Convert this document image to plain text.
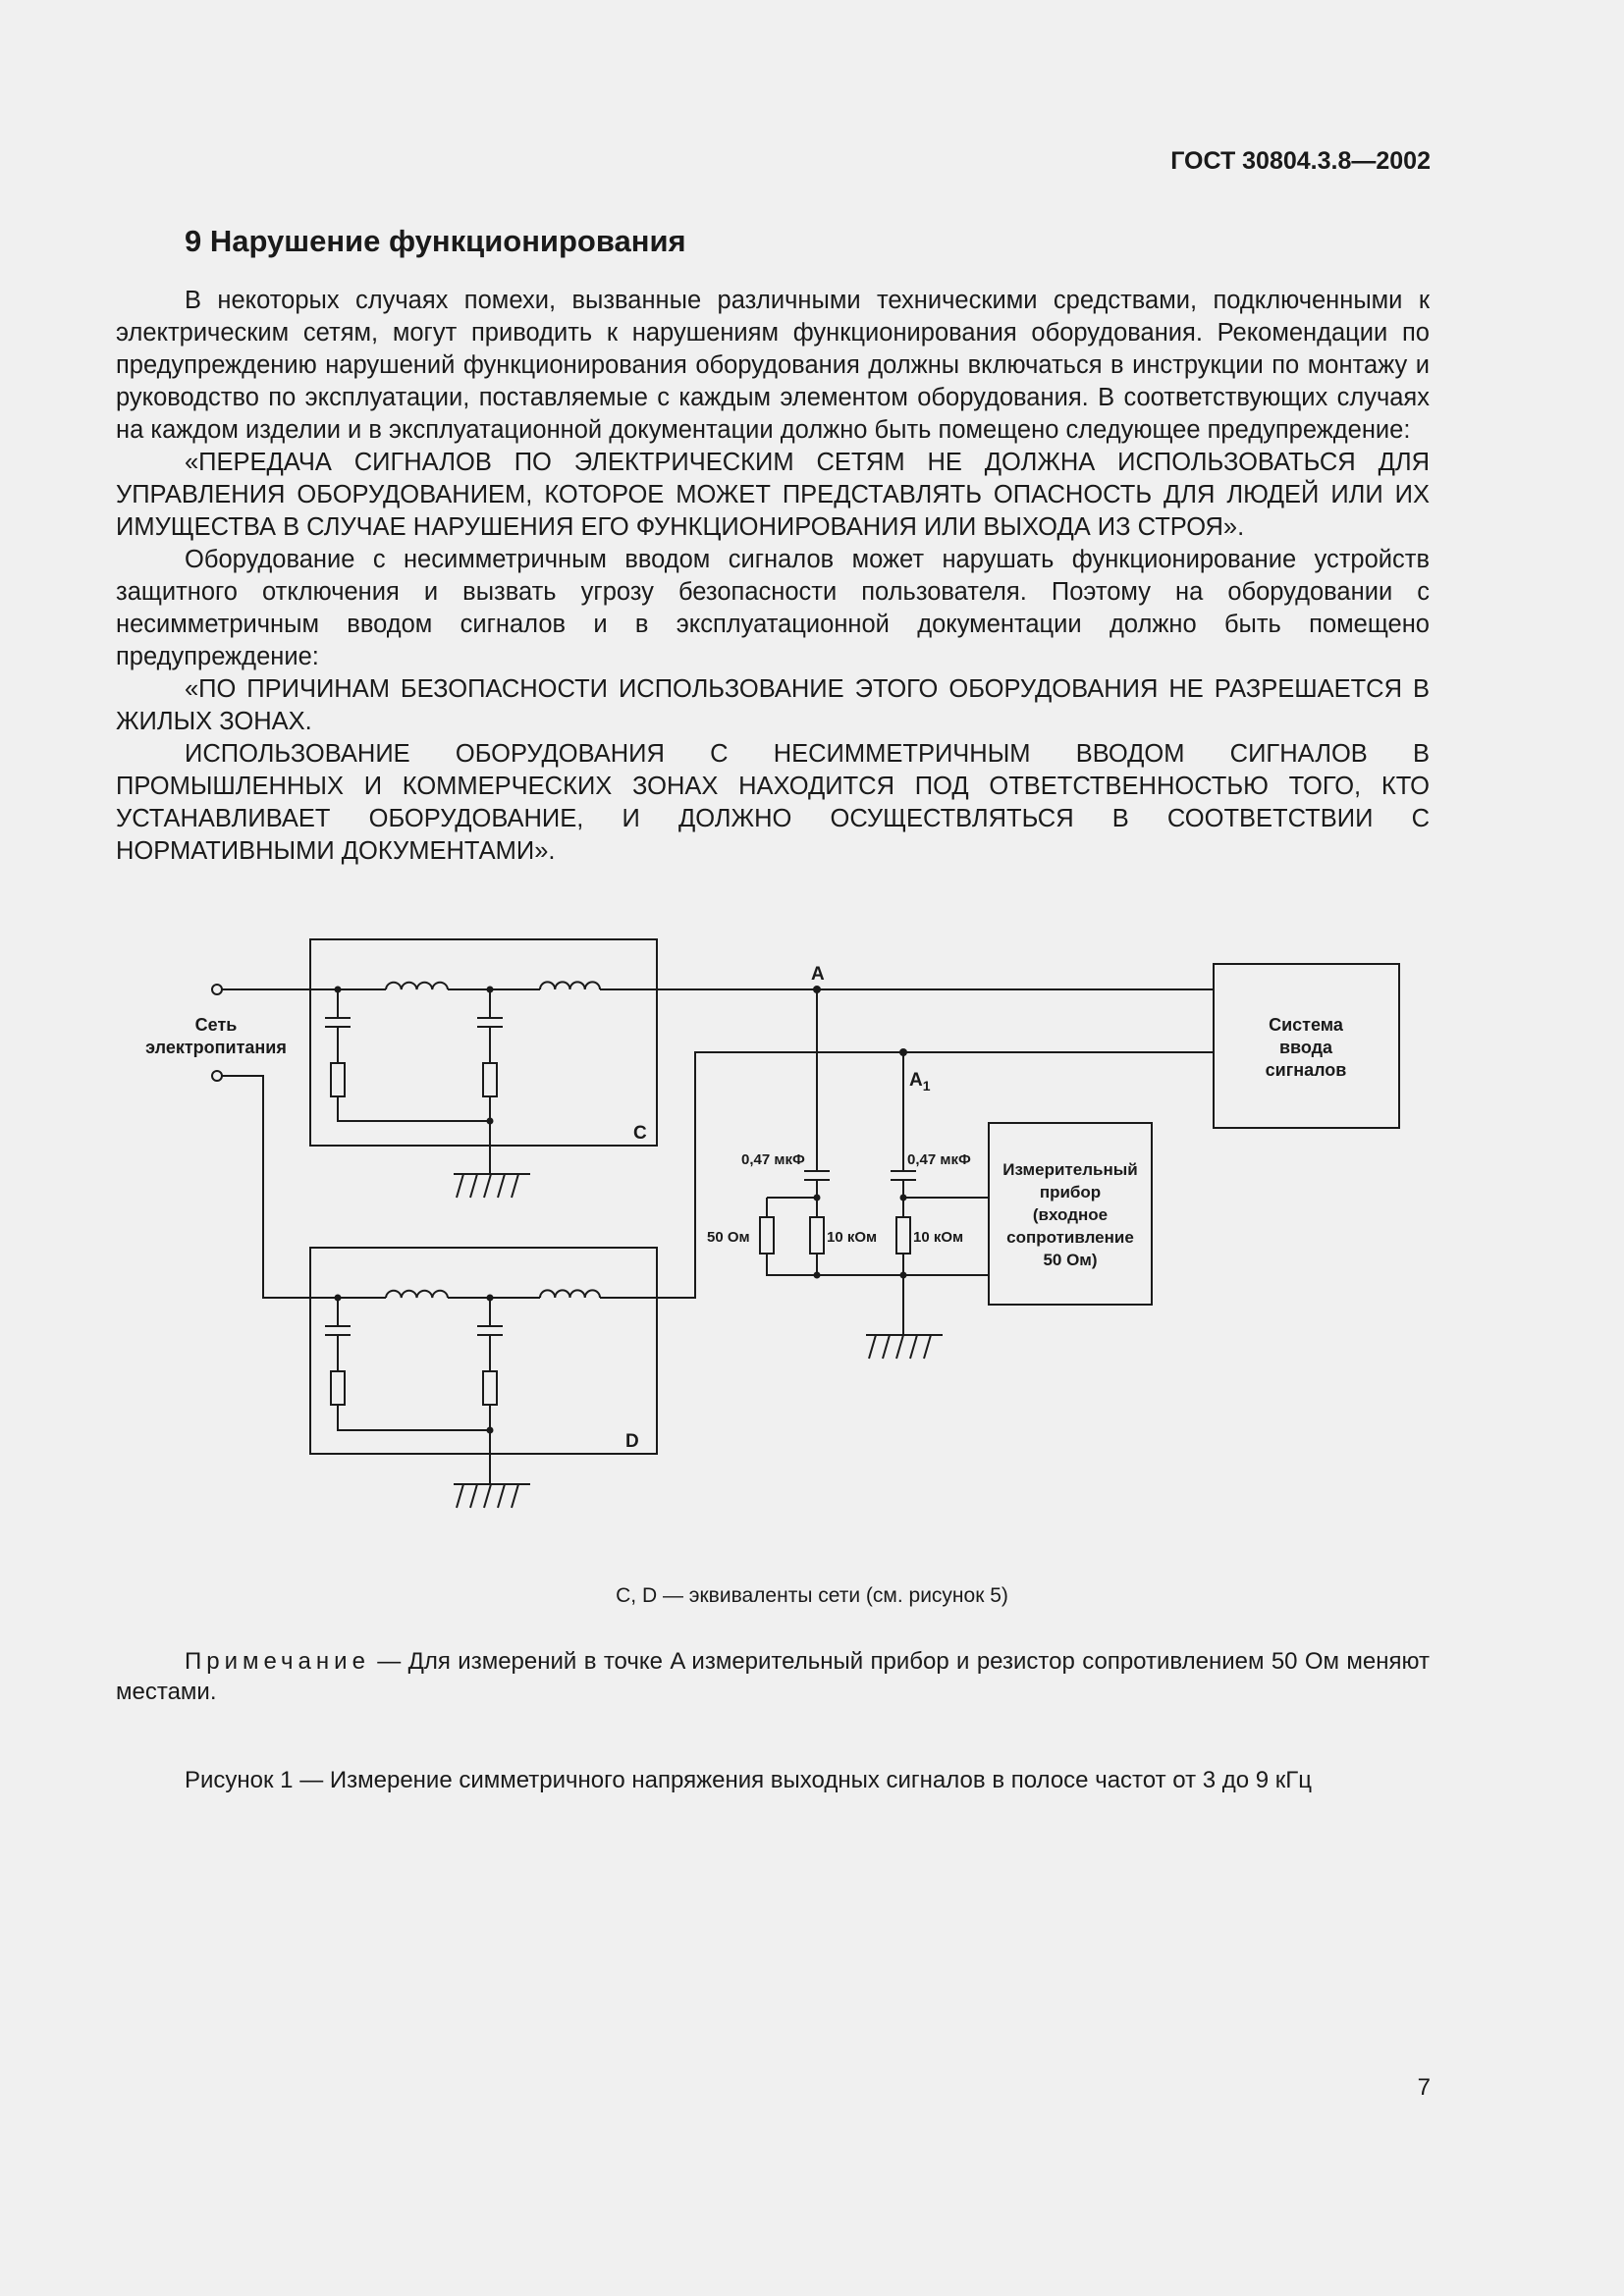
ГОСТ 30804.3.8—2002
9 Нарушение функционирования

В некоторых случаях помехи, вызванные различными техническими средствами, подключенными к электрическим сетям, могут приводить к нарушениям функционирования оборудования. Рекомендации по предупреждению нарушений функционирования оборудования должны включаться в инструкции по монтажу и руководство по эксплуатации, поставляемые с каждым элементом оборудования. В соответствующих случаях на каждом изделии и в эксплуатационной документации должно быть помещено следующее предупреждение:

«ПЕРЕДАЧА СИГНАЛОВ ПО ЭЛЕКТРИЧЕСКИМ СЕТЯМ НЕ ДОЛЖНА ИСПОЛЬЗОВАТЬСЯ ДЛЯ УПРАВЛЕНИЯ ОБОРУДОВАНИЕМ, КОТОРОЕ МОЖЕТ ПРЕДСТАВЛЯТЬ ОПАСНОСТЬ ДЛЯ ЛЮДЕЙ ИЛИ ИХ ИМУЩЕСТВА В СЛУЧАЕ НАРУШЕНИЯ ЕГО ФУНКЦИОНИРОВАНИЯ ИЛИ ВЫХОДА ИЗ СТРОЯ».

Оборудование с несимметричным вводом сигналов может нарушать функционирование устройств защитного отключения и вызвать угрозу безопасности пользователя. Поэтому на оборудовании с несимметричным вводом сигналов и в эксплуатационной документации должно быть помещено предупреждение:

«ПО ПРИЧИНАМ БЕЗОПАСНОСТИ ИСПОЛЬЗОВАНИЕ ЭТОГО ОБОРУДОВАНИЯ НЕ РАЗРЕШАЕТСЯ В ЖИЛЫХ ЗОНАХ.

ИСПОЛЬЗОВАНИЕ ОБОРУДОВАНИЯ С НЕСИММЕТРИЧНЫМ ВВОДОМ СИГНАЛОВ В ПРОМЫШЛЕННЫХ И КОММЕРЧЕСКИХ ЗОНАХ НАХОДИТСЯ ПОД ОТВЕТСТВЕННОСТЬЮ ТОГО, КТО УСТАНАВЛИВАЕТ ОБОРУДОВАНИЕ, И ДОЛЖНО ОСУЩЕСТВЛЯТЬСЯ В СООТВЕТСТВИИ С НОРМАТИВНЫМИ ДОКУМЕНТАМИ».

Сеть
электропитания
C
D
Система
ввода
сигналов
A
$A_1$
0,47 мкФ
50 Ом	10 кОм
0,47 мкФ
10 кОм
Измерительный
прибор
(входное
сопротивление
50 Ом)
C, D — эквиваленты сети (см. рисунок 5)
Примечание — Для измерений в точке A измерительный прибор и резистор сопротивлением 50 Ом меняют местами.
Рисунок 1 — Измерение симметричного напряжения выходных сигналов в полосе частот от 3 до 9 кГц
7
